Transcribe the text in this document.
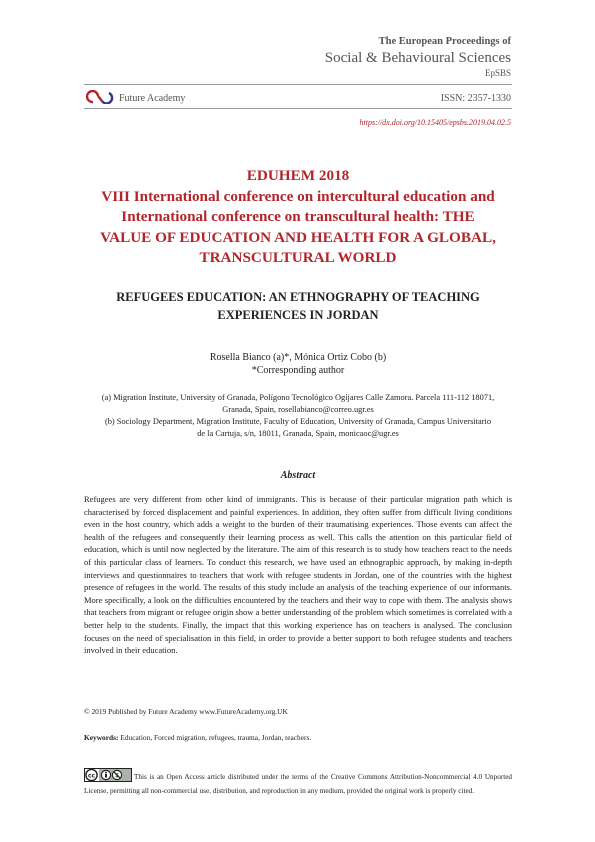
The European Proceedings of
Social & Behavioural Sciences
EpSBS
Future Academy	ISSN: 2357-1330
https://dx.doi.org/10.15405/epsbs.2019.04.02.5
EDUHEM 2018
VIII International conference on intercultural education and
International conference on transcultural health: THE
VALUE OF EDUCATION AND HEALTH FOR A GLOBAL,
TRANSCULTURAL WORLD
REFUGEES EDUCATION: AN ETHNOGRAPHY OF TEACHING
EXPERIENCES IN JORDAN
Rosella Bianco (a)*, Mónica Ortiz Cobo (b)
*Corresponding author
(a) Migration Institute, University of Granada, Polígono Tecnológico Ogíjares Calle Zamora. Parcela 111-112 18071,
Granada, Spain, rosellabianco@correo.ugr.es
(b) Sociology Department, Migration Institute, Faculty of Education, University of Granada, Campus Universitario
de la Cartuja, s/n, 18011, Granada, Spain, monicaoc@ugr.es
Abstract
Refugees are very different from other kind of immigrants. This is because of their particular migration path which is characterised by forced displacement and painful experiences. In addition, they often suffer from difficult living conditions even in the host country, which adds a weight to the burden of their traumatising experiences. Those events can affect the health of the refugees and consequently their learning process as well. This calls the attention on this particular field of education, which is until now neglected by the literature. The aim of this research is to study how teachers react to the needs of this particular class of learners. To conduct this research, we have used an ethnographic approach, by making in-depth interviews and questionnaires to teachers that work with refugee students in Jordan, one of the countries with the highest presence of refugees in the world. The results of this study include an analysis of the teaching experience of our informants. More specifically, a look on the difficulties encountered by the teachers and their way to cope with them. The analysis shows that teachers from migrant or refugee origin show a better understanding of the problem which sometimes is correlated with a better help to the students. Finally, the impact that this working experience has on teachers is analysed. The conclusion focuses on the need of specialisation in this field, in order to provide a better support to both refugee students and teachers involved in their education.
© 2019 Published by Future Academy www.FutureAcademy.org.UK
Keywords: Education, Forced migration, refugees, trauma, Jordan, teachers.
cc	$ This is an Open Access article distributed under the terms of the Creative Commons Attribution-Noncommercial 4.0 Unported License, permitting all non-commercial use, distribution, and reproduction in any medium, provided the original work is properly cited.
